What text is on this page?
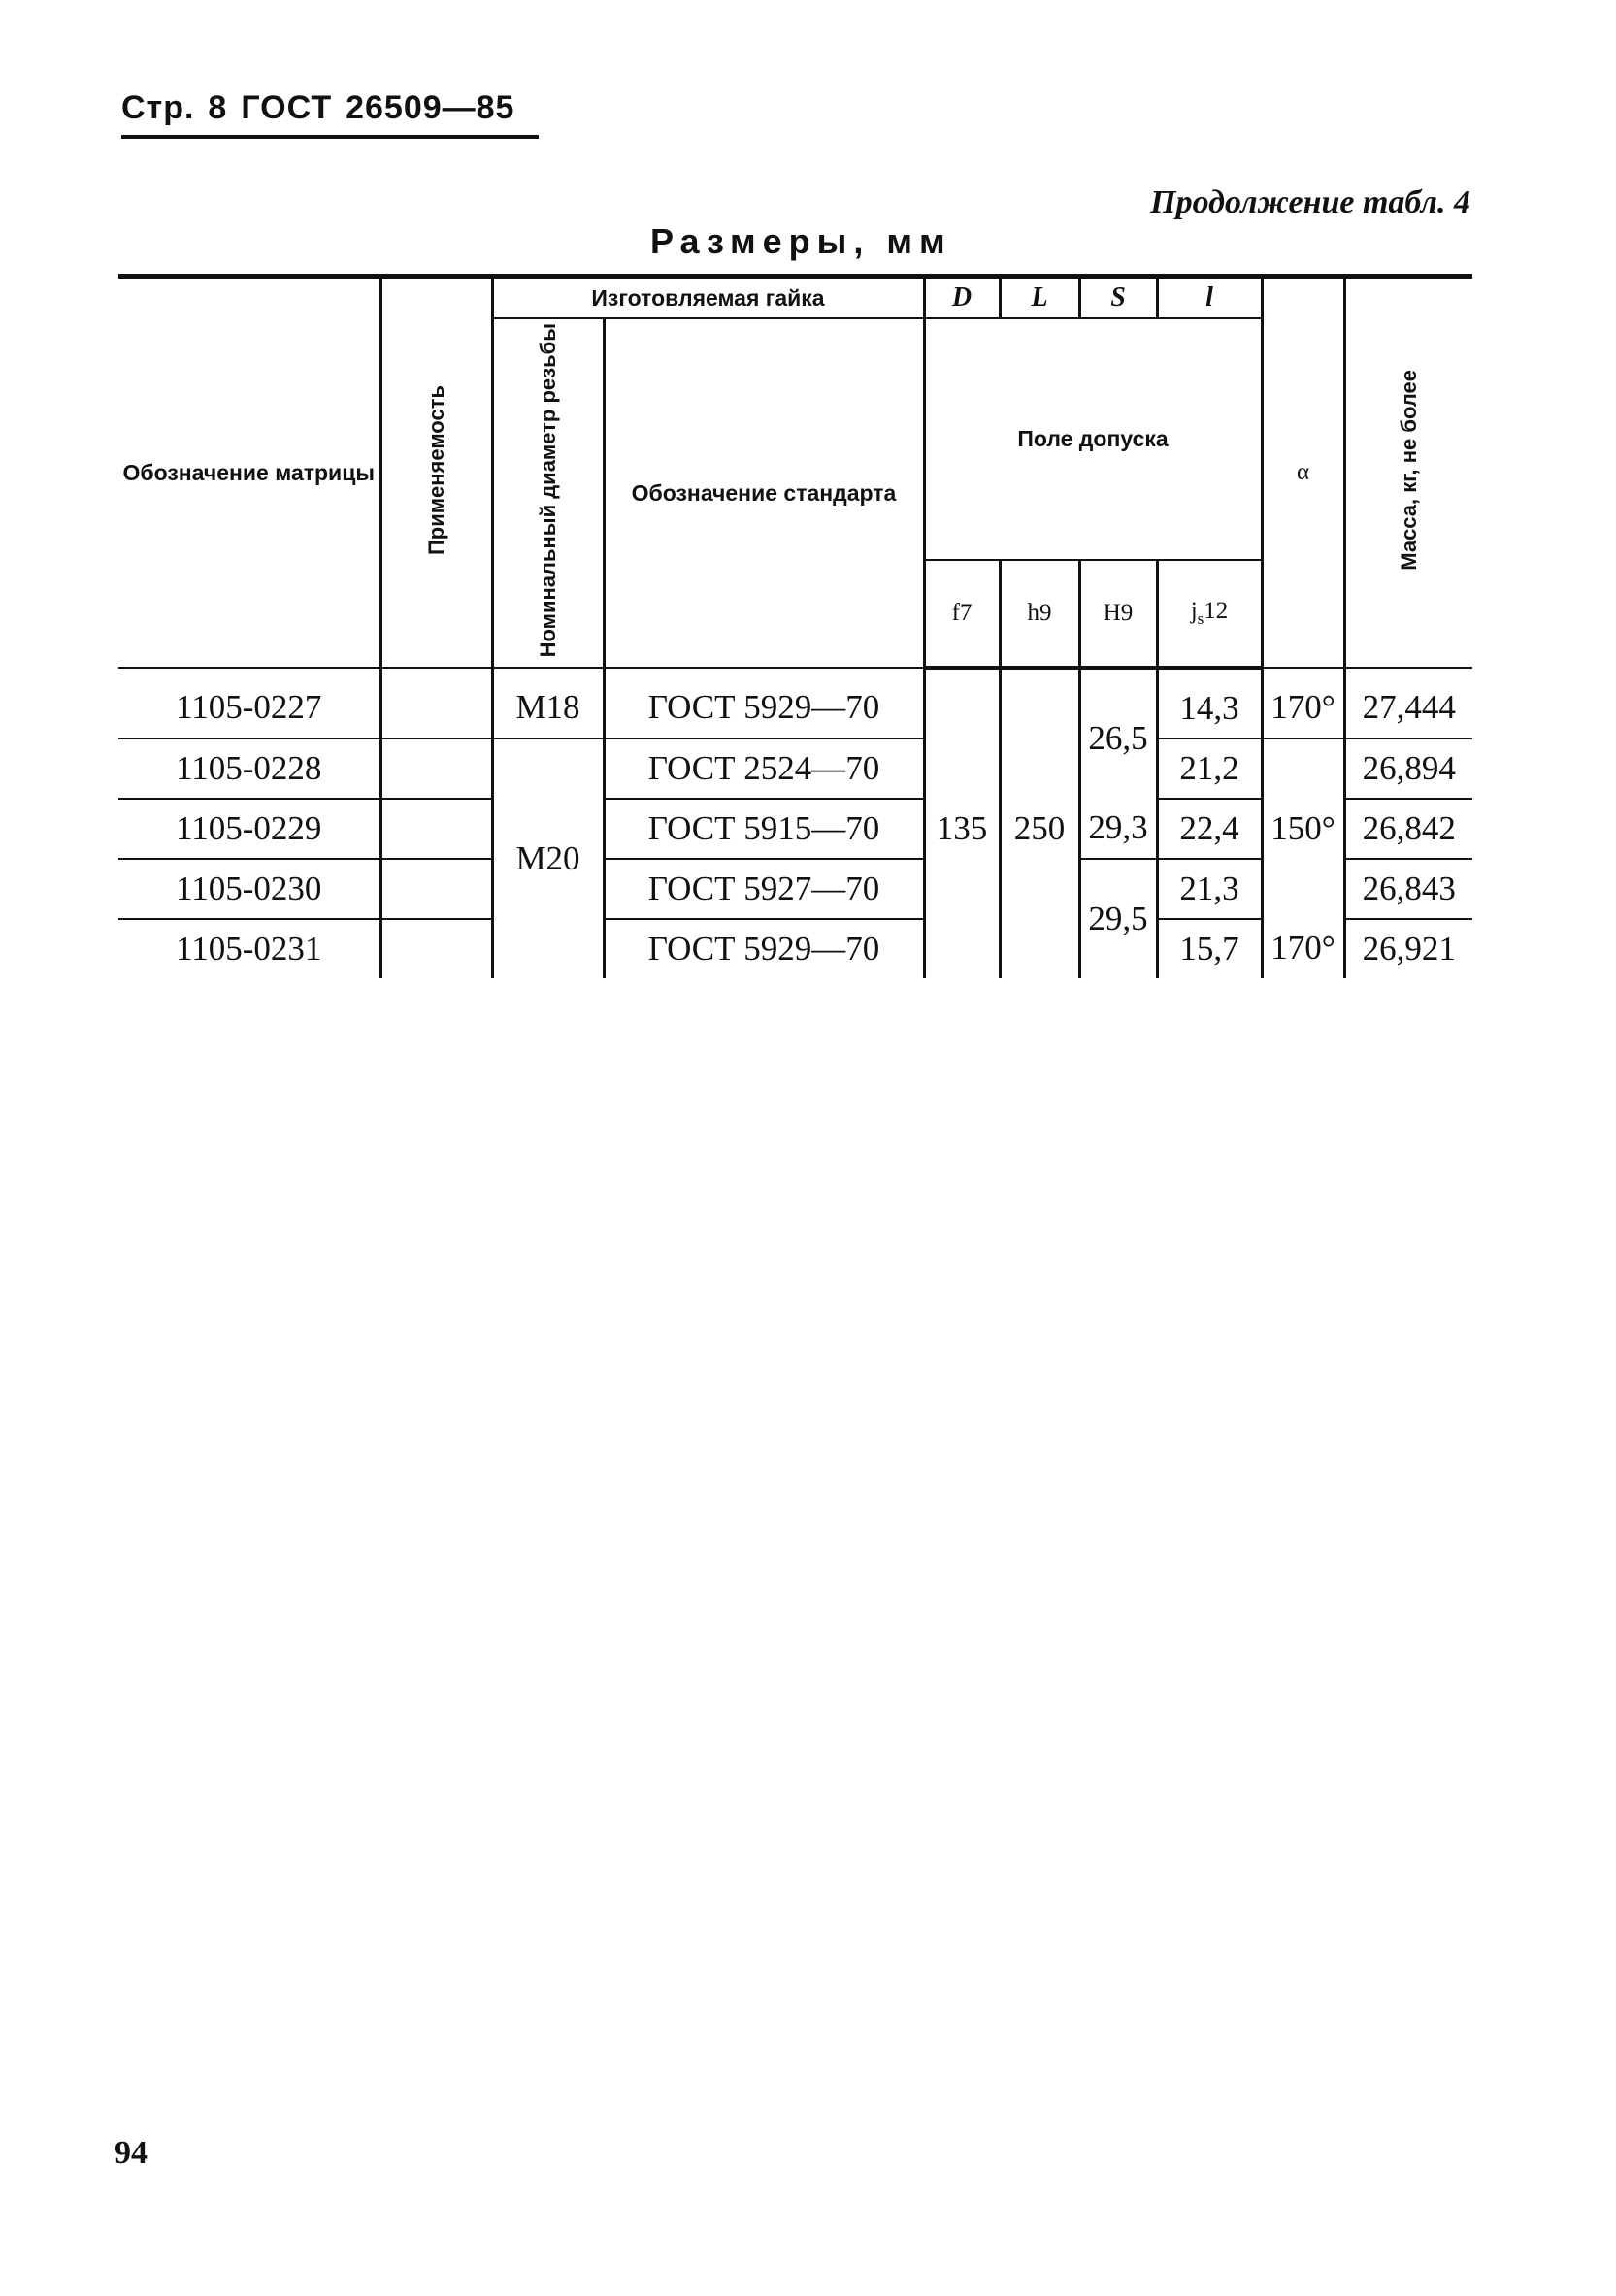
Стр. 8 ГОСТ 26509—85
Продолжение табл. 4
Размеры, мм
Обозначение матрицы	Применяемость	Изготовляемая гайка		D	L	S	l	α	Масса, кг, не более
		Номинальный диаметр резьбы	Обозначение стандарта	Поле допуска					
				f7	h9	H9	$j_s12$		
1105-0227		M18	ГОСТ 5929—70	135	250	26,5	14,3	170°	27,444
1105-0228		M20	ГОСТ 2524—70				21,2	150°	26,894
1105-0229			ГОСТ 5915—70			29,3	22,4		26,842
1105-0230			ГОСТ 5927—70			29,5	21,3		26,843
1105-0231			ГОСТ 5929—70				15,7	170°	26,921
94
